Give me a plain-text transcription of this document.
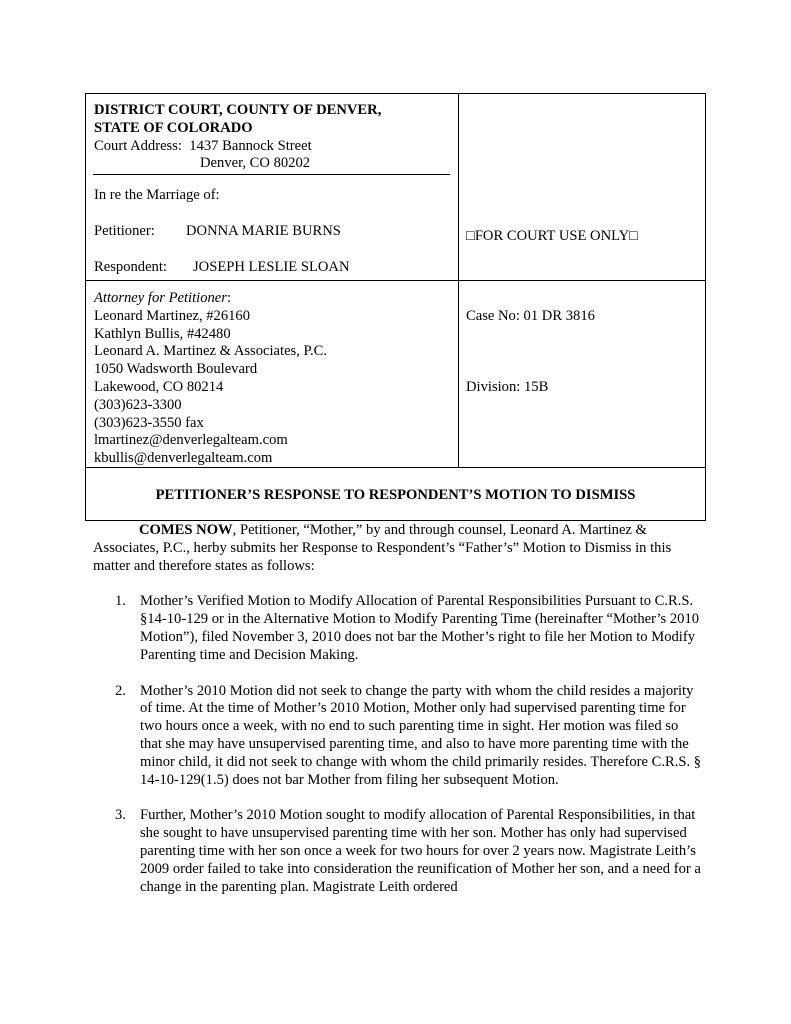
DISTRICT COURT, COUNTY OF DENVER,
STATE OF COLORADO
Court Address: 1437 Bannock Street
Denver, CO 80202
In re the Marriage of:
Petitioner:	DONNA MARIE BURNS
Respondent:	JOSEPH LESLIE SLOAN
□FOR COURT USE ONLY□
Attorney for Petitioner:
Leonard Martinez, #26160
Kathlyn Bullis, #42480
Leonard A. Martinez & Associates, P.C.
1050 Wadsworth Boulevard
Lakewood, CO 80214
(303)623-3300
(303)623-3550 fax
lmartinez@denverlegalteam.com
kbullis@denverlegalteam.com
Case No: 01 DR 3816
Division: 15B
PETITIONER’S RESPONSE TO RESPONDENT’S MOTION TO DISMISS

COMES NOW, Petitioner, “Mother,” by and through counsel, Leonard A. Martinez & Associates, P.C., herby submits her Response to Respondent’s “Father’s” Motion to Dismiss in this matter and therefore states as follows:

1. Mother’s Verified Motion to Modify Allocation of Parental Responsibilities Pursuant to C.R.S. §14-10-129 or in the Alternative Motion to Modify Parenting Time (hereinafter “Mother’s 2010 Motion”), filed November 3, 2010 does not bar the Mother’s right to file her Motion to Modify Parenting time and Decision Making.
2. Mother’s 2010 Motion did not seek to change the party with whom the child resides a majority of time. At the time of Mother’s 2010 Motion, Mother only had supervised parenting time for two hours once a week, with no end to such parenting time in sight. Her motion was filed so that she may have unsupervised parenting time, and also to have more parenting time with the minor child, it did not seek to change with whom the child primarily resides. Therefore C.R.S. § 14-10-129(1.5) does not bar Mother from filing her subsequent Motion.
3. Further, Mother’s 2010 Motion sought to modify allocation of Parental Responsibilities, in that she sought to have unsupervised parenting time with her son. Mother has only had supervised parenting time with her son once a week for two hours for over 2 years now. Magistrate Leith’s 2009 order failed to take into consideration the reunification of Mother her son, and a need for a change in the parenting plan. Magistrate Leith ordered
